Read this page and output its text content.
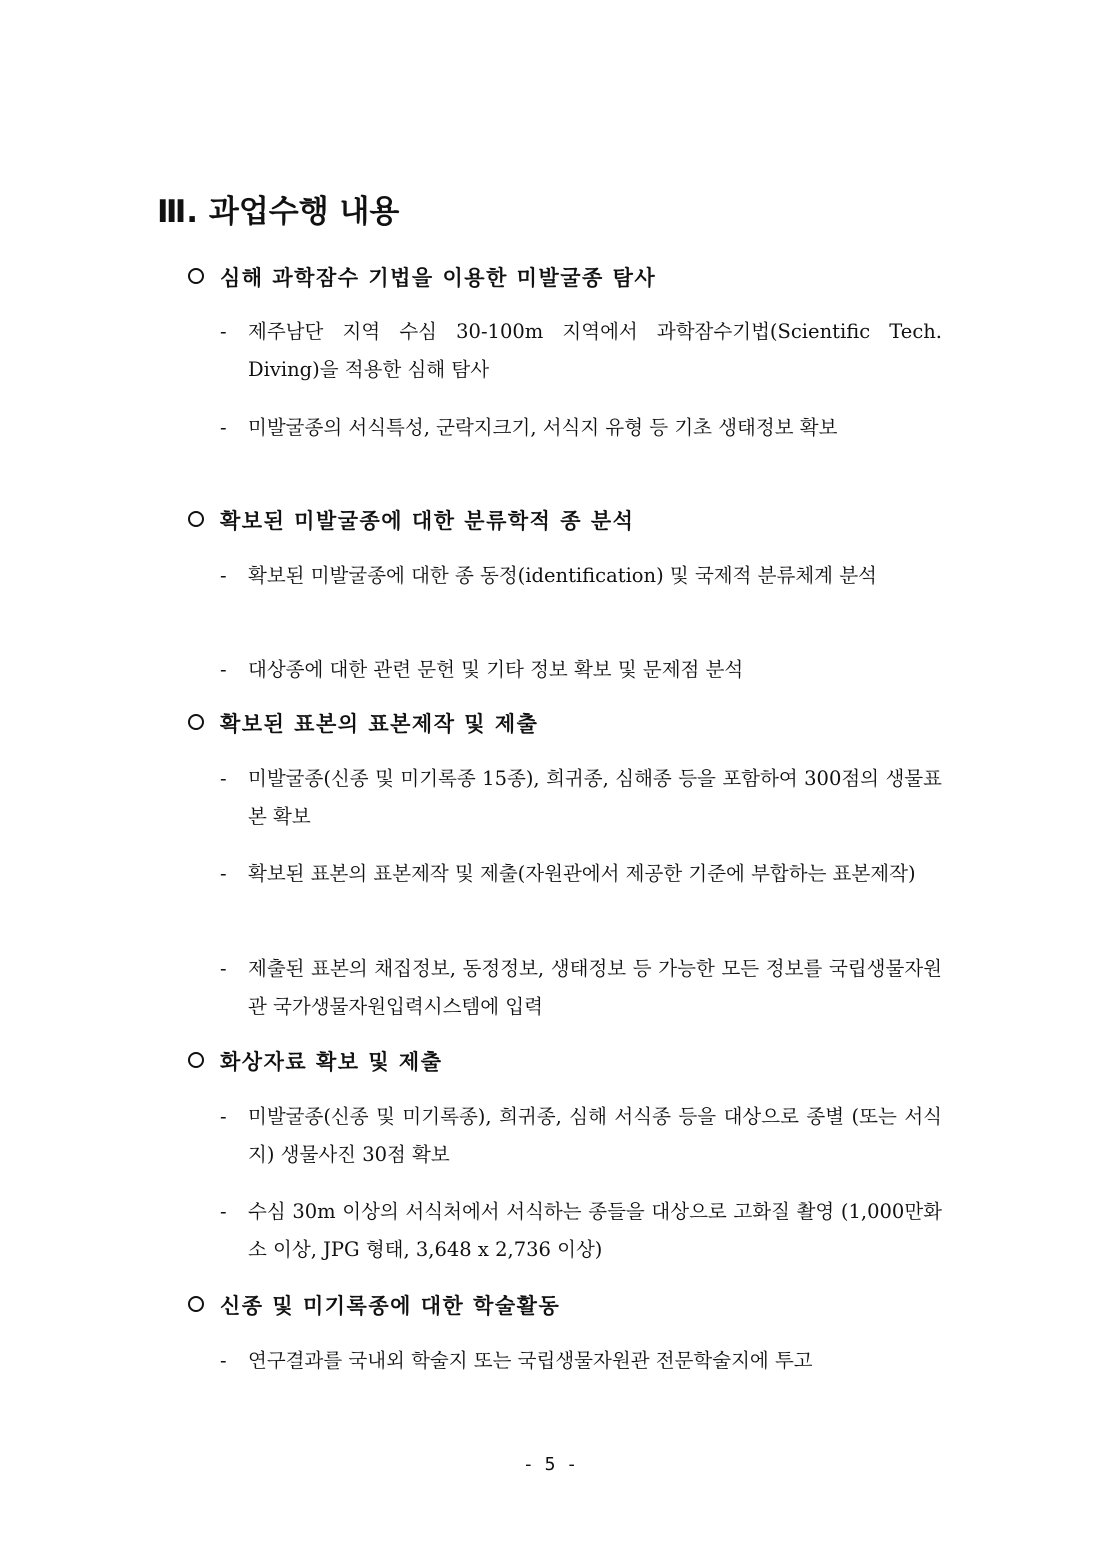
Ⅲ. 과업수행 내용
심해 과학잠수 기법을 이용한 미발굴종 탐사
- 제주남단 지역 수심 30-100m 지역에서 과학잠수기법(Scientific Tech. Diving)을 적용한 심해 탐사
- 미발굴종의 서식특성, 군락지크기, 서식지 유형 등 기초 생태정보 확보
확보된 미발굴종에 대한 분류학적 종 분석
- 확보된 미발굴종에 대한 종 동정(identification) 및 국제적 분류체계 분석
- 대상종에 대한 관련 문헌 및 기타 정보 확보 및 문제점 분석
확보된 표본의 표본제작 및 제출
- 미발굴종(신종 및 미기록종 15종), 희귀종, 심해종 등을 포함하여 300점의 생물표본 확보
- 확보된 표본의 표본제작 및 제출(자원관에서 제공한 기준에 부합하는 표본제작)
- 제출된 표본의 채집정보, 동정정보, 생태정보 등 가능한 모든 정보를 국립생물자원관 국가생물자원입력시스템에 입력
화상자료 확보 및 제출
- 미발굴종(신종 및 미기록종), 희귀종, 심해 서식종 등을 대상으로 종별 (또는 서식지) 생물사진 30점 확보
- 수심 30m 이상의 서식처에서 서식하는 종들을 대상으로 고화질 촬영 (1,000만화소 이상, JPG 형태, 3,648 x 2,736 이상)
신종 및 미기록종에 대한 학술활동
- 연구결과를 국내외 학술지 또는 국립생물자원관 전문학술지에 투고
- 5 -
